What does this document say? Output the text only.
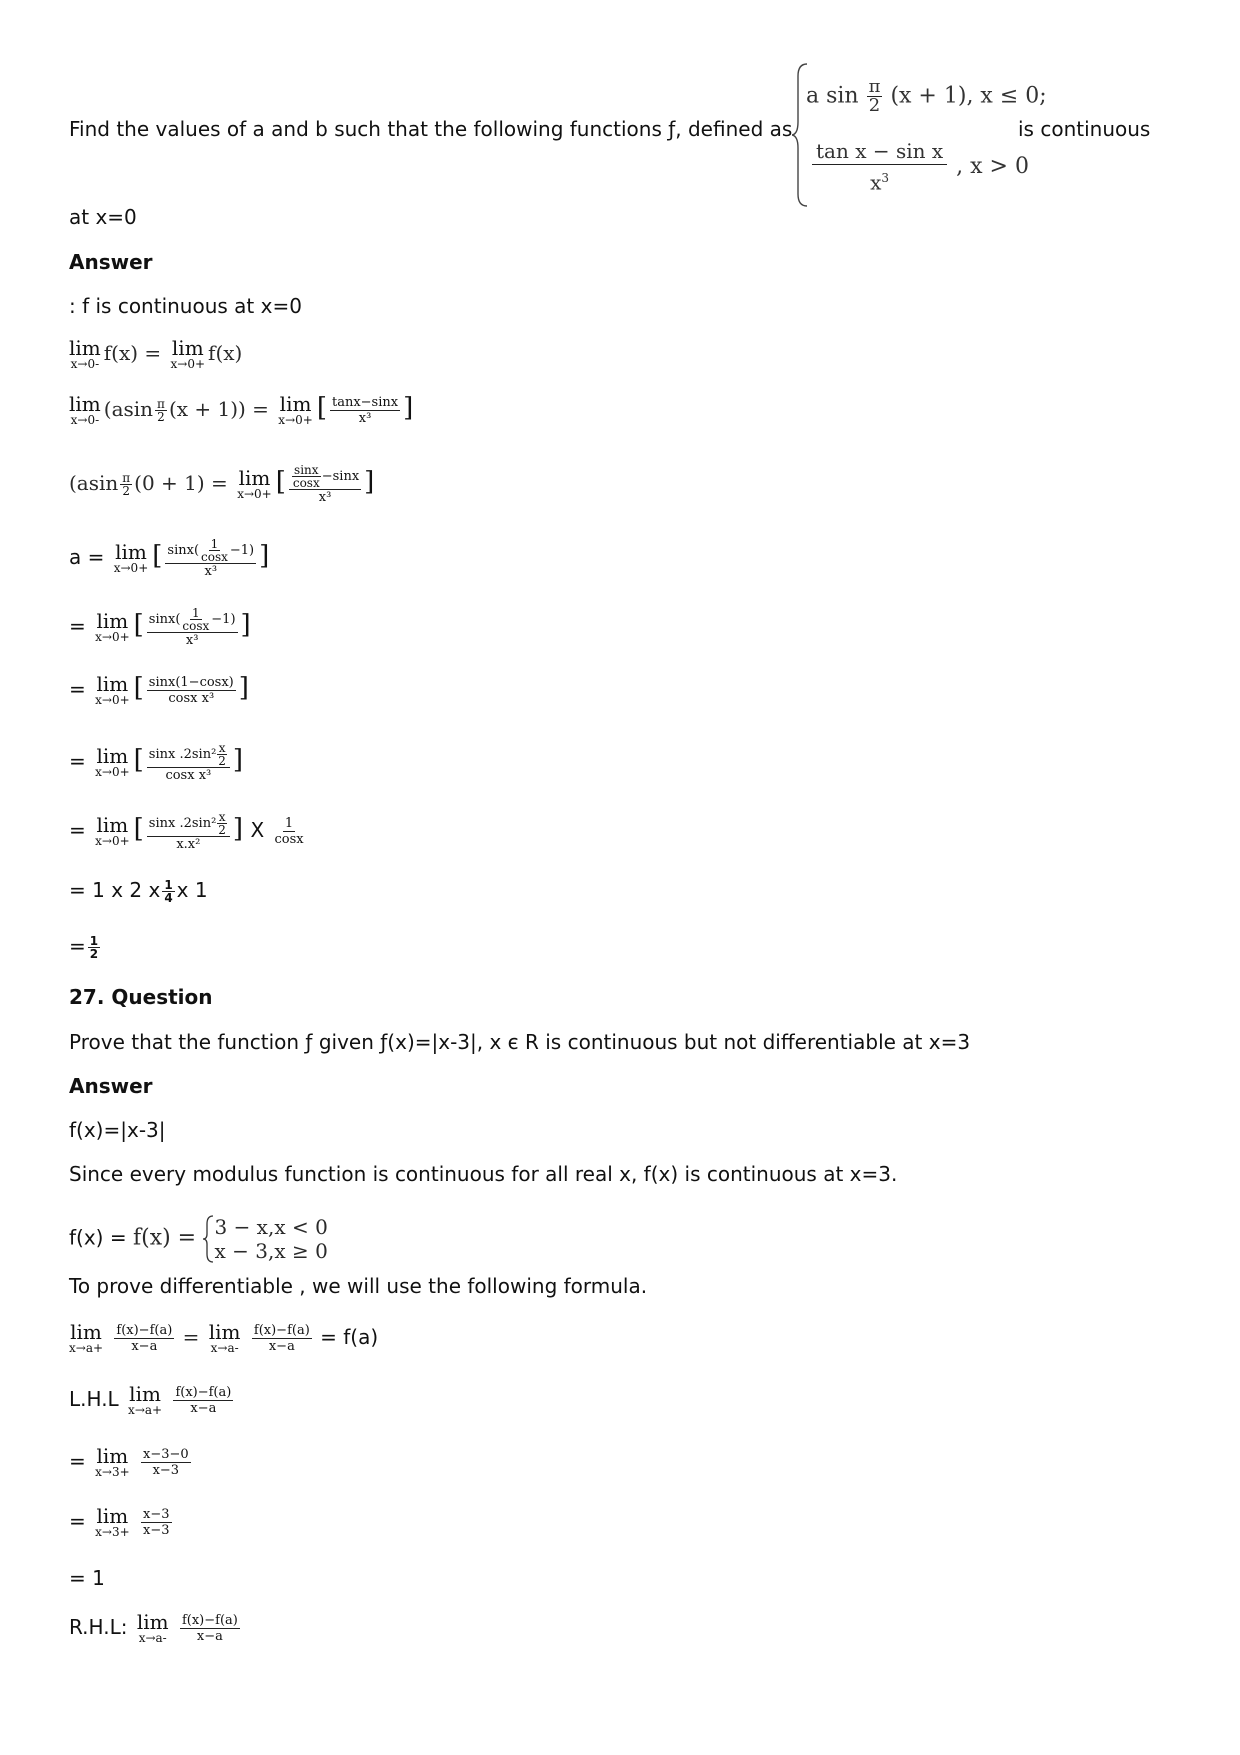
Find the values of a and b such that the following functions ƒ, defined as
a $\sin \frac{\pi}{2} (x + 1)$, x ≤ 0;
$\frac{\text{tan x − sin x}}{x^3}$ , x > 0
is continuous
at x=0
Answer
: f is continuous at x=0
lim
x→0- f(x) = lim
x→0+ f(x)
lim
x→0- $(asin \frac{\pi}{2} (x + 1)) = \lim$
x→0+ [ $\frac{\tan x-\sin x}{\text{x³}}$ ]
($asin \frac{\pi}{2} (0 + 1) = \lim$
x→0+ [ $\frac{\frac{\sin x}{\cos x} -\sin x}{\text{x³}}$ ]
a = lim
x→0+ [ $\frac{\sin x( \frac{1}{\cos x} -1)}{\text{x³}}$ ]
= lim
x→0+ [ $\frac{\sin x( \frac{1}{\cos x} -1)}{\text{x³}}$ ]
= lim
x→0+ [ $\frac{\sin x(1-\cos x)}{\text{cosx x³}}$ ]
= lim
x→0+ [ $\frac{\sin x .2\sin^2 \frac{x}{2}}{\text{cosx x³}}$ ]
= lim
x→0+ [ $\frac{\sin x .2\sin^2 \frac{x}{2}}{\text{x.x²}}$ ] X $\frac{1}{\cos x}$
= 1 x 2 x $\frac{1}{4}$ x 1
= $\frac{1}{2}$
27. Question
Prove that the function ƒ given ƒ(x)=|x-3|, x є R is continuous but not differentiable at x=3
Answer
f(x)=|x-3|
Since every modulus function is continuous for all real x, f(x) is continuous at x=3.
f(x) = f(x) = 3 − x,x < 0
x − 3,x ≥ 0
To prove differentiable , we will use the following formula.
lim
x→a+
$\frac{f(x)-f(a)}{x-a} = \lim$
x→a-
$\frac{f(x)-f(a)}{x-a} = f(a)$
L.H.L lim
x→a+
$\frac{f(x)-f(a)}{x-a}$
= lim
x→3+
$\frac{x-3-0}{x-3}$
= lim
x→3+
$\frac{x-3}{x-3}$
= 1
R.H.L: lim
x→a-
$\frac{f(x)-f(a)}{x-a}$
